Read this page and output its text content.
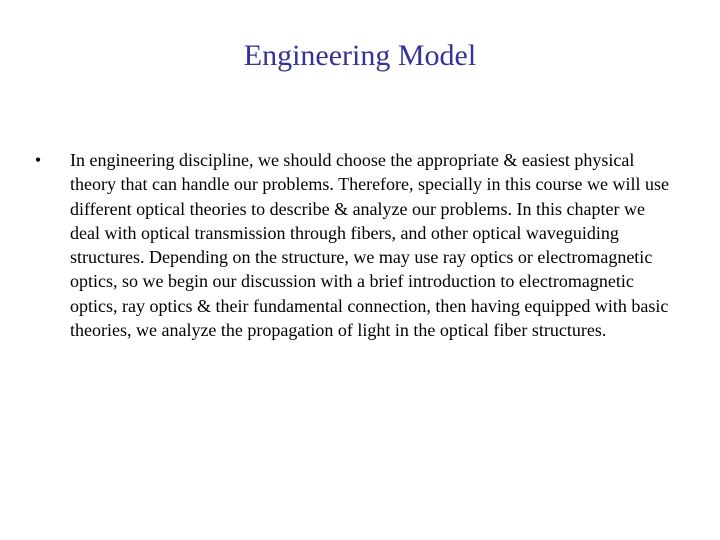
Engineering Model
•	In engineering discipline, we should choose the appropriate & easiest physical theory that can handle our problems. Therefore, specially in this course we will use different optical theories to describe & analyze our problems. In this chapter we deal with optical transmission through fibers, and other optical waveguiding structures. Depending on the structure, we may use ray optics or electromagnetic optics, so we begin our discussion with a brief introduction to electromagnetic optics, ray optics & their fundamental connection, then having equipped with basic theories, we analyze the propagation of light in the optical fiber structures.
